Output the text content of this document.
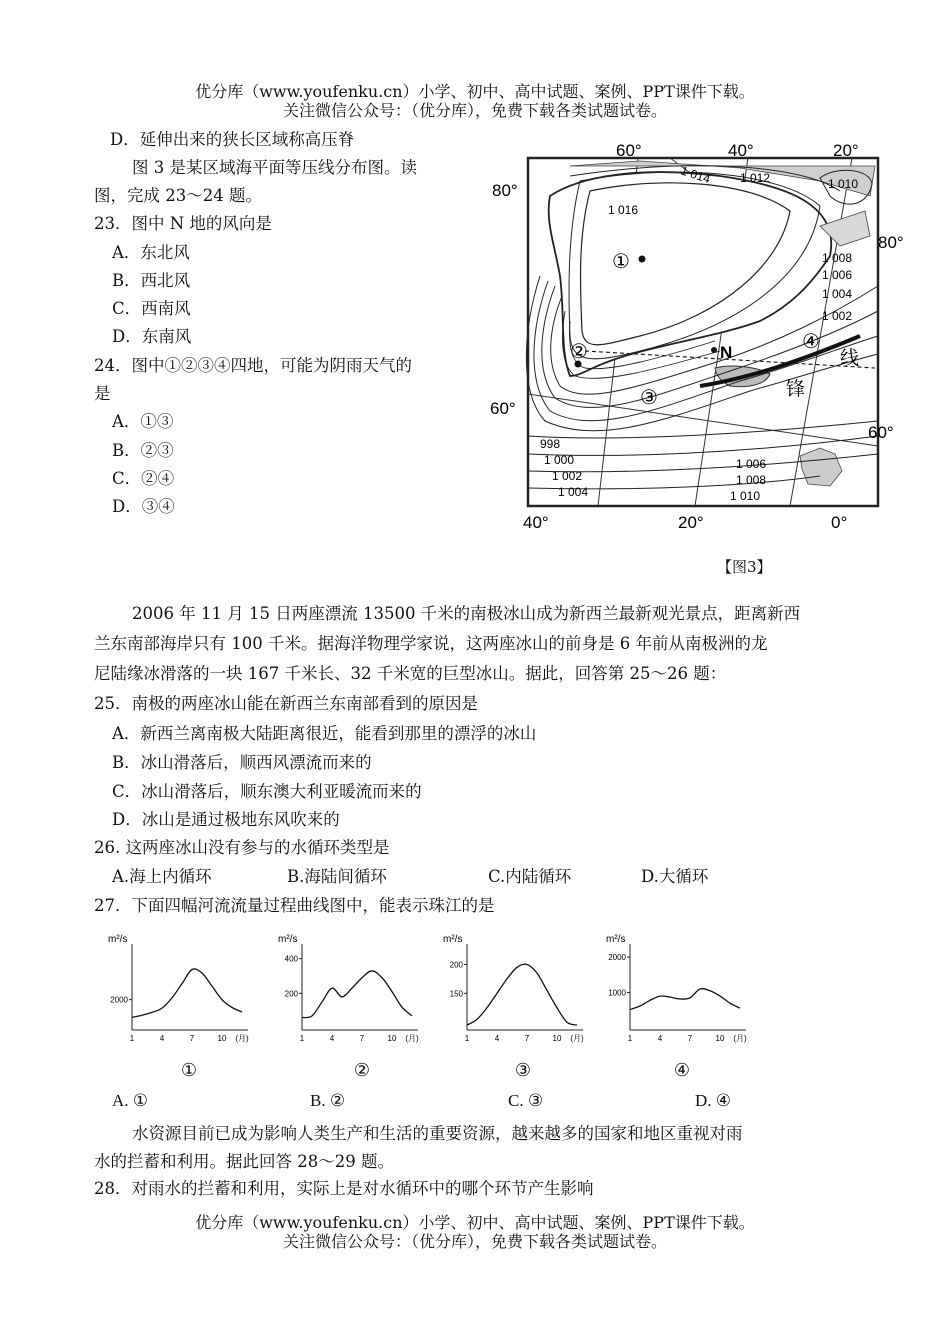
优分库（www.youfenku.cn）小学、初中、高中试题、案例、PPT课件下载。
关注微信公众号：（优分库），免费下载各类试题试卷。
D．延伸出来的狭长区域称高压脊
图 3 是某区域海平面等压线分布图。读
图，完成 23～24 题。
23．图中 N 地的风向是
A．东北风
B．西北风
C．西南风
D．东南风
24．图中①②③④四地，可能为阴雨天气的
是
A．①③
B．②③
C．②④
D．③④
60°	40°	20°
40°	20°	0°
80°
60°
80°
60°
1 014 1 012	1 010
1 016
1 008
1 006
1 004
1 002
998
1 000
1 002
1 004
1 006
1 008
1 010
①
②
③
④
N	线
锋
【图3】
2006 年 11 月 15 日两座漂流 13500 千米的南极冰山成为新西兰最新观光景点，距离新西
兰东南部海岸只有 100 千米。据海洋物理学家说，这两座冰山的前身是 6 年前从南极洲的龙
尼陆缘冰滑落的一块 167 千米长、32 千米宽的巨型冰山。据此，回答第 25～26 题：
25．南极的两座冰山能在新西兰东南部看到的原因是
A．新西兰离南极大陆距离很近，能看到那里的漂浮的冰山
B．冰山滑落后，顺西风漂流而来的
C．冰山滑落后，顺东澳大利亚暖流而来的
D．冰山是通过极地东风吹来的
26. 这两座冰山没有参与的水循环类型是
A.海上内循环	B.海陆间循环	C.内陆循环	D.大循环
27．下面四幅河流流量过程曲线图中，能表示珠江的是
m²/s
2000
1	4	7	10 (月)
m²/s
400
200
1	4	7	10 (月)
m²/s
200
150
1	4	7	10 (月)
m²/s
2000
1000
1	4	7	10 (月)
①	②	③	④
A. ①	B. ②	C. ③	D. ④
水资源目前已成为影响人类生产和生活的重要资源，越来越多的国家和地区重视对雨
水的拦蓄和利用。据此回答 28～29 题。
28．对雨水的拦蓄和利用，实际上是对水循环中的哪个环节产生影响
优分库（www.youfenku.cn）小学、初中、高中试题、案例、PPT课件下载。
关注微信公众号：（优分库），免费下载各类试题试卷。
